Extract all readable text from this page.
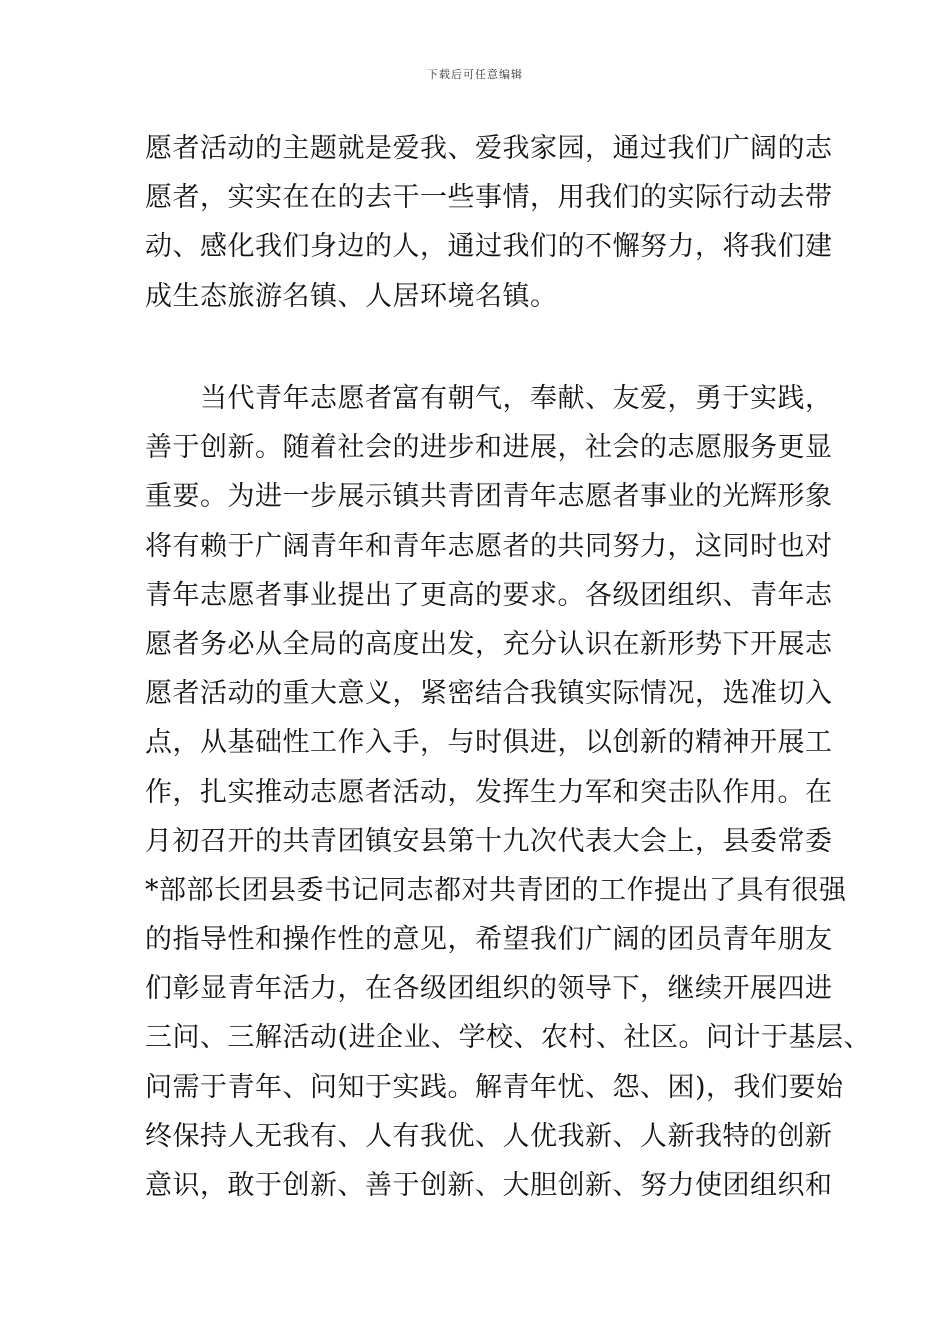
下载后可任意编辑
愿者活动的主题就是爱我、爱我家园，通过我们广阔的志
愿者，实实在在的去干一些事情，用我们的实际行动去带
动、感化我们身边的人，通过我们的不懈努力，将我们建
成生态旅游名镇、人居环境名镇。
　　当代青年志愿者富有朝气，奉献、友爱，勇于实践，
善于创新。随着社会的进步和进展，社会的志愿服务更显
重要。为进一步展示镇共青团青年志愿者事业的光辉形象
将有赖于广阔青年和青年志愿者的共同努力，这同时也对
青年志愿者事业提出了更高的要求。各级团组织、青年志
愿者务必从全局的高度出发，充分认识在新形势下开展志
愿者活动的重大意义，紧密结合我镇实际情况，选准切入
点，从基础性工作入手，与时俱进，以创新的精神开展工
作，扎实推动志愿者活动，发挥生力军和突击队作用。在
月初召开的共青团镇安县第十九次代表大会上，县委常委
*部部长团县委书记同志都对共青团的工作提出了具有很强
的指导性和操作性的意见，希望我们广阔的团员青年朋友
们彰显青年活力，在各级团组织的领导下，继续开展四进
三问、三解活动(进企业、学校、农村、社区。问计于基层、
问需于青年、问知于实践。解青年忧、怨、困)，我们要始
终保持人无我有、人有我优、人优我新、人新我特的创新
意识，敢于创新、善于创新、大胆创新、努力使团组织和
